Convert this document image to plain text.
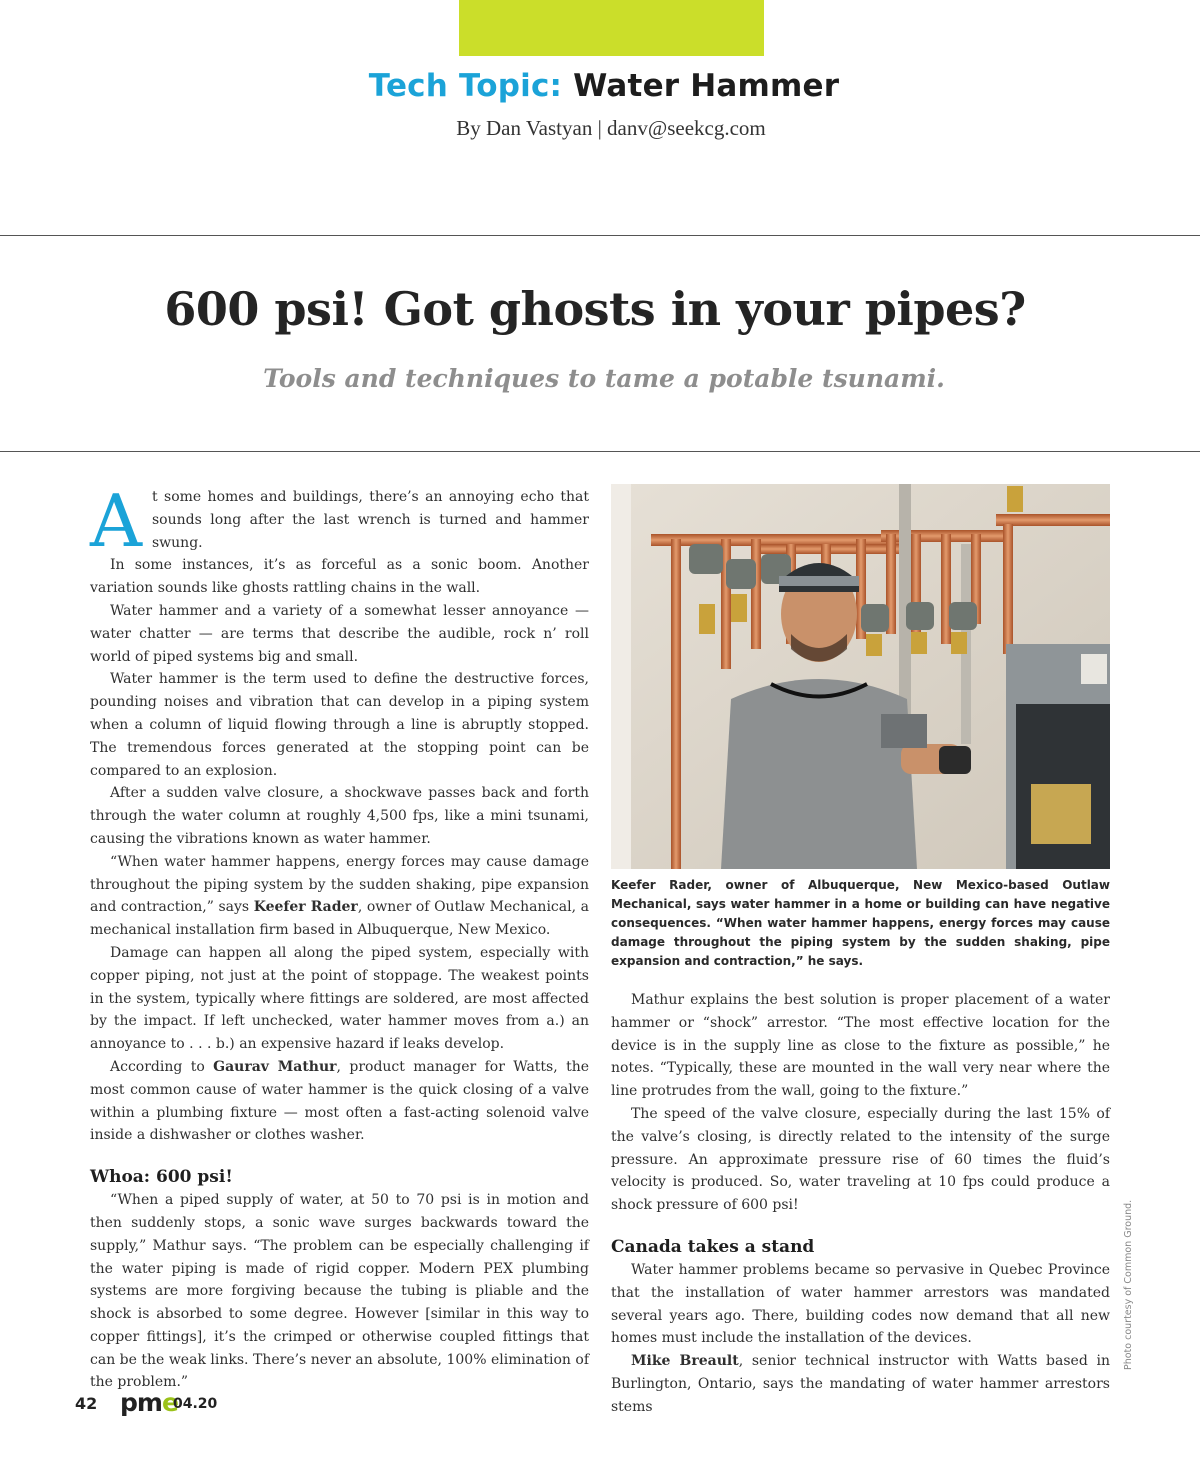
Tech Topic: Water Hammer
By Dan Vastyan | danv@seekcg.com
600 psi! Got ghosts in your pipes?
Tools and techniques to tame a potable tsunami.

At some homes and buildings, there’s an annoying echo that sounds long after the last wrench is turned and hammer swung.

In some instances, it’s as forceful as a sonic boom. Another variation sounds like ghosts rattling chains in the wall.

Water hammer and a variety of a somewhat lesser annoyance — water chatter — are terms that describe the audible, rock n’ roll world of piped systems big and small.

Water hammer is the term used to define the destructive forces, pounding noises and vibration that can develop in a piping system when a column of liquid flowing through a line is abruptly stopped. The tremendous forces generated at the stopping point can be compared to an explosion.

After a sudden valve closure, a shockwave passes back and forth through the water column at roughly 4,500 fps, like a mini tsunami, causing the vibrations known as water hammer.

“When water hammer happens, energy forces may cause damage throughout the piping system by the sudden shaking, pipe expansion and contraction,” says Keefer Rader, owner of Outlaw Mechanical, a mechanical installation firm based in Albuquerque, New Mexico.

Damage can happen all along the piped system, especially with copper piping, not just at the point of stoppage. The weakest points in the system, typically where fittings are soldered, are most affected by the impact. If left unchecked, water hammer moves from a.) an annoyance to . . . b.) an expensive hazard if leaks develop.

According to Gaurav Mathur, product manager for Watts, the most common cause of water hammer is the quick closing of a valve within a plumbing fixture — most often a fast-acting solenoid valve inside a dishwasher or clothes washer.

Whoa: 600 psi!

“When a piped supply of water, at 50 to 70 psi is in motion and then suddenly stops, a sonic wave surges backwards toward the supply,” Mathur says. “The problem can be especially challenging if the water piping is made of rigid copper. Modern PEX plumbing systems are more forgiving because the tubing is pliable and the shock is absorbed to some degree. However [similar in this way to copper fittings], it’s the crimped or otherwise coupled fittings that can be the weak links. There’s never an absolute, 100% elimination of the problem.”

Keefer Rader, owner of Albuquerque, New Mexico-based Outlaw Mechanical, says water hammer in a home or building can have negative consequences. “When water hammer happens, energy forces may cause damage throughout the piping system by the sudden shaking, pipe expansion and contraction,” he says.
Photo courtesy of Common Ground.

Mathur explains the best solution is proper placement of a water hammer or “shock” arrestor. “The most effective location for the device is in the supply line as close to the fixture as possible,” he notes. “Typically, these are mounted in the wall very near where the line protrudes from the wall, going to the fixture.”

The speed of the valve closure, especially during the last 15% of the valve’s closing, is directly related to the intensity of the surge pressure. An approximate pressure rise of 60 times the fluid’s velocity is produced. So, water traveling at 10 fps could produce a shock pressure of 600 psi!

Canada takes a stand

Water hammer problems became so pervasive in Quebec Province that the installation of water hammer arrestors was mandated several years ago. There, building codes now demand that all new homes must include the installation of the devices.

Mike Breault, senior technical instructor with Watts based in Burlington, Ontario, says the mandating of water hammer arrestors stems

42 pme
04.20
